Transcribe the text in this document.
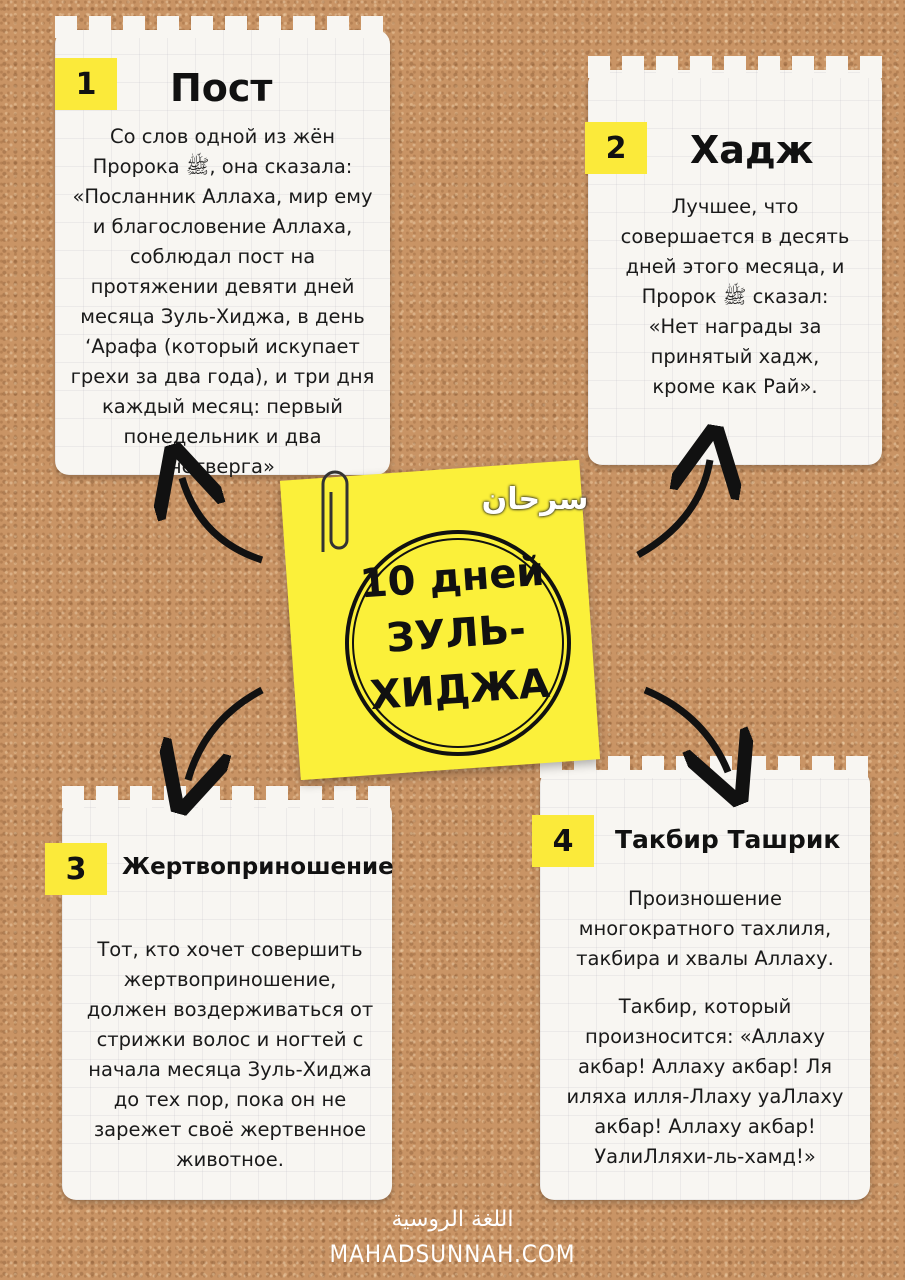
1	Пост
Со слов одной из жён Пророка ﷺ, она сказала: «Посланник Аллаха, мир ему и благословение Аллаха, соблюдал пост на протяжении девяти дней месяца Зуль-Хиджа, в день ʻАрафа (который искупает грехи за два года), и три дня каждый месяц: первый понедельник и два четверга»
2	Хадж
Лучшее, что совершается в десять дней этого месяца, и Пророк ﷺ сказал: «Нет награды за принятый хадж, кроме как Рай».
3	Жертвоприношение
Тот, кто хочет совершить жертвоприношение, должен воздерживаться от стрижки волос и ногтей с начала месяца Зуль-Хиджа до тех пор, пока он не зарежет своё жертвенное животное.
4	Такбир Ташрик

Произношение многократного тахлиля, такбира и хвалы Аллаху.

Такбир, который произносится: «Аллаху акбар! Аллаху акбар! Ля иляха илля-Ллаху уаЛлаху акбар! Аллаху акбар! УалиЛляхи-ль-хамд!»

ﺳﺮﺣﺎﻥ
10 дней
ЗУЛЬ-
ХИДЖА
اللغة الروسية
MAHADSUNNAH.COM
